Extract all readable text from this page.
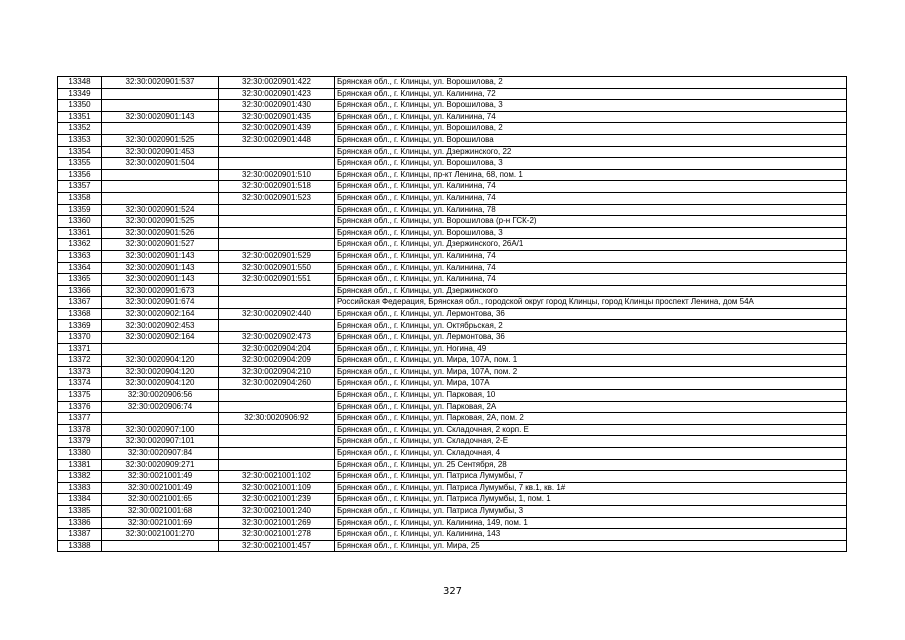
13348	32:30:0020901:537	32:30:0020901:422	Брянская обл., г. Клинцы, ул. Ворошилова, 2
13349		32:30:0020901:423	Брянская обл., г. Клинцы, ул. Калинина, 72
13350		32:30:0020901:430	Брянская обл., г. Клинцы, ул. Ворошилова, 3
13351	32:30:0020901:143	32:30:0020901:435	Брянская обл., г. Клинцы, ул. Калинина, 74
13352		32:30:0020901:439	Брянская обл., г. Клинцы, ул. Ворошилова, 2
13353	32:30:0020901:525	32:30:0020901:448	Брянская обл., г. Клинцы, ул. Ворошилова
13354	32:30:0020901:453		Брянская обл., г. Клинцы, ул. Дзержинского, 22
13355	32:30:0020901:504		Брянская обл., г. Клинцы, ул. Ворошилова, 3
13356		32:30:0020901:510	Брянская обл., г. Клинцы, пр-кт Ленина, 68, пом. 1
13357		32:30:0020901:518	Брянская обл., г. Клинцы, ул. Калинина, 74
13358		32:30:0020901:523	Брянская обл., г. Клинцы, ул. Калинина, 74
13359	32:30:0020901:524		Брянская обл., г. Клинцы, ул. Калинина, 78
13360	32:30:0020901:525		Брянская обл., г. Клинцы, ул. Ворошилова (р-н ГСК-2)
13361	32:30:0020901:526		Брянская обл., г. Клинцы, ул. Ворошилова, 3
13362	32:30:0020901:527		Брянская обл., г. Клинцы, ул. Дзержинского, 26А/1
13363	32:30:0020901:143	32:30:0020901:529	Брянская обл., г. Клинцы, ул. Калинина, 74
13364	32:30:0020901:143	32:30:0020901:550	Брянская обл., г. Клинцы, ул. Калинина, 74
13365	32:30:0020901:143	32:30:0020901:551	Брянская обл., г. Клинцы, ул. Калинина, 74
13366	32:30:0020901:673		Брянская обл., г. Клинцы, ул. Дзержинского
13367	32:30:0020901:674		Российская Федерация, Брянская обл., городской округ город Клинцы, город Клинцы проспект Ленина, дом 54А
13368	32:30:0020902:164	32:30:0020902:440	Брянская обл., г. Клинцы, ул. Лермонтова, 36
13369	32:30:0020902:453		Брянская обл., г. Клинцы, ул. Октябрьская, 2
13370	32:30:0020902:164	32:30:0020902:473	Брянская обл., г. Клинцы, ул. Лермонтова, 36
13371		32:30:0020904:204	Брянская обл., г. Клинцы, ул. Ногина, 49
13372	32:30:0020904:120	32:30:0020904:209	Брянская обл., г. Клинцы, ул. Мира, 107А, пом. 1
13373	32:30:0020904:120	32:30:0020904:210	Брянская обл., г. Клинцы, ул. Мира, 107А, пом. 2
13374	32:30:0020904:120	32:30:0020904:260	Брянская обл., г. Клинцы, ул. Мира, 107А
13375	32:30:0020906:56		Брянская обл., г. Клинцы, ул. Парковая, 10
13376	32:30:0020906:74		Брянская обл., г. Клинцы, ул. Парковая, 2А
13377		32:30:0020906:92	Брянская обл., г. Клинцы, ул. Парковая, 2А, пом. 2
13378	32:30:0020907:100		Брянская обл., г. Клинцы, ул. Складочная, 2 корп. Е
13379	32:30:0020907:101		Брянская обл., г. Клинцы, ул. Складочная, 2-Е
13380	32:30:0020907:84		Брянская обл., г. Клинцы, ул. Складочная, 4
13381	32:30:0020909:271		Брянская обл., г. Клинцы, ул. 25 Сентября, 28
13382	32:30:0021001:49	32:30:0021001:102	Брянская обл., г. Клинцы, ул. Патриса Лумумбы, 7
13383	32:30:0021001:49	32:30:0021001:109	Брянская обл., г. Клинцы, ул. Патриса Лумумбы, 7 кв.1, кв. 1#
13384	32:30:0021001:65	32:30:0021001:239	Брянская обл., г. Клинцы, ул. Патриса Лумумбы, 1, пом. 1
13385	32:30:0021001:68	32:30:0021001:240	Брянская обл., г. Клинцы, ул. Патриса Лумумбы, 3
13386	32:30:0021001:69	32:30:0021001:269	Брянская обл., г. Клинцы, ул. Калинина, 149, пом. 1
13387	32:30:0021001:270	32:30:0021001:278	Брянская обл., г. Клинцы, ул. Калинина, 143
13388		32:30:0021001:457	Брянская обл., г. Клинцы, ул. Мира, 25
327
